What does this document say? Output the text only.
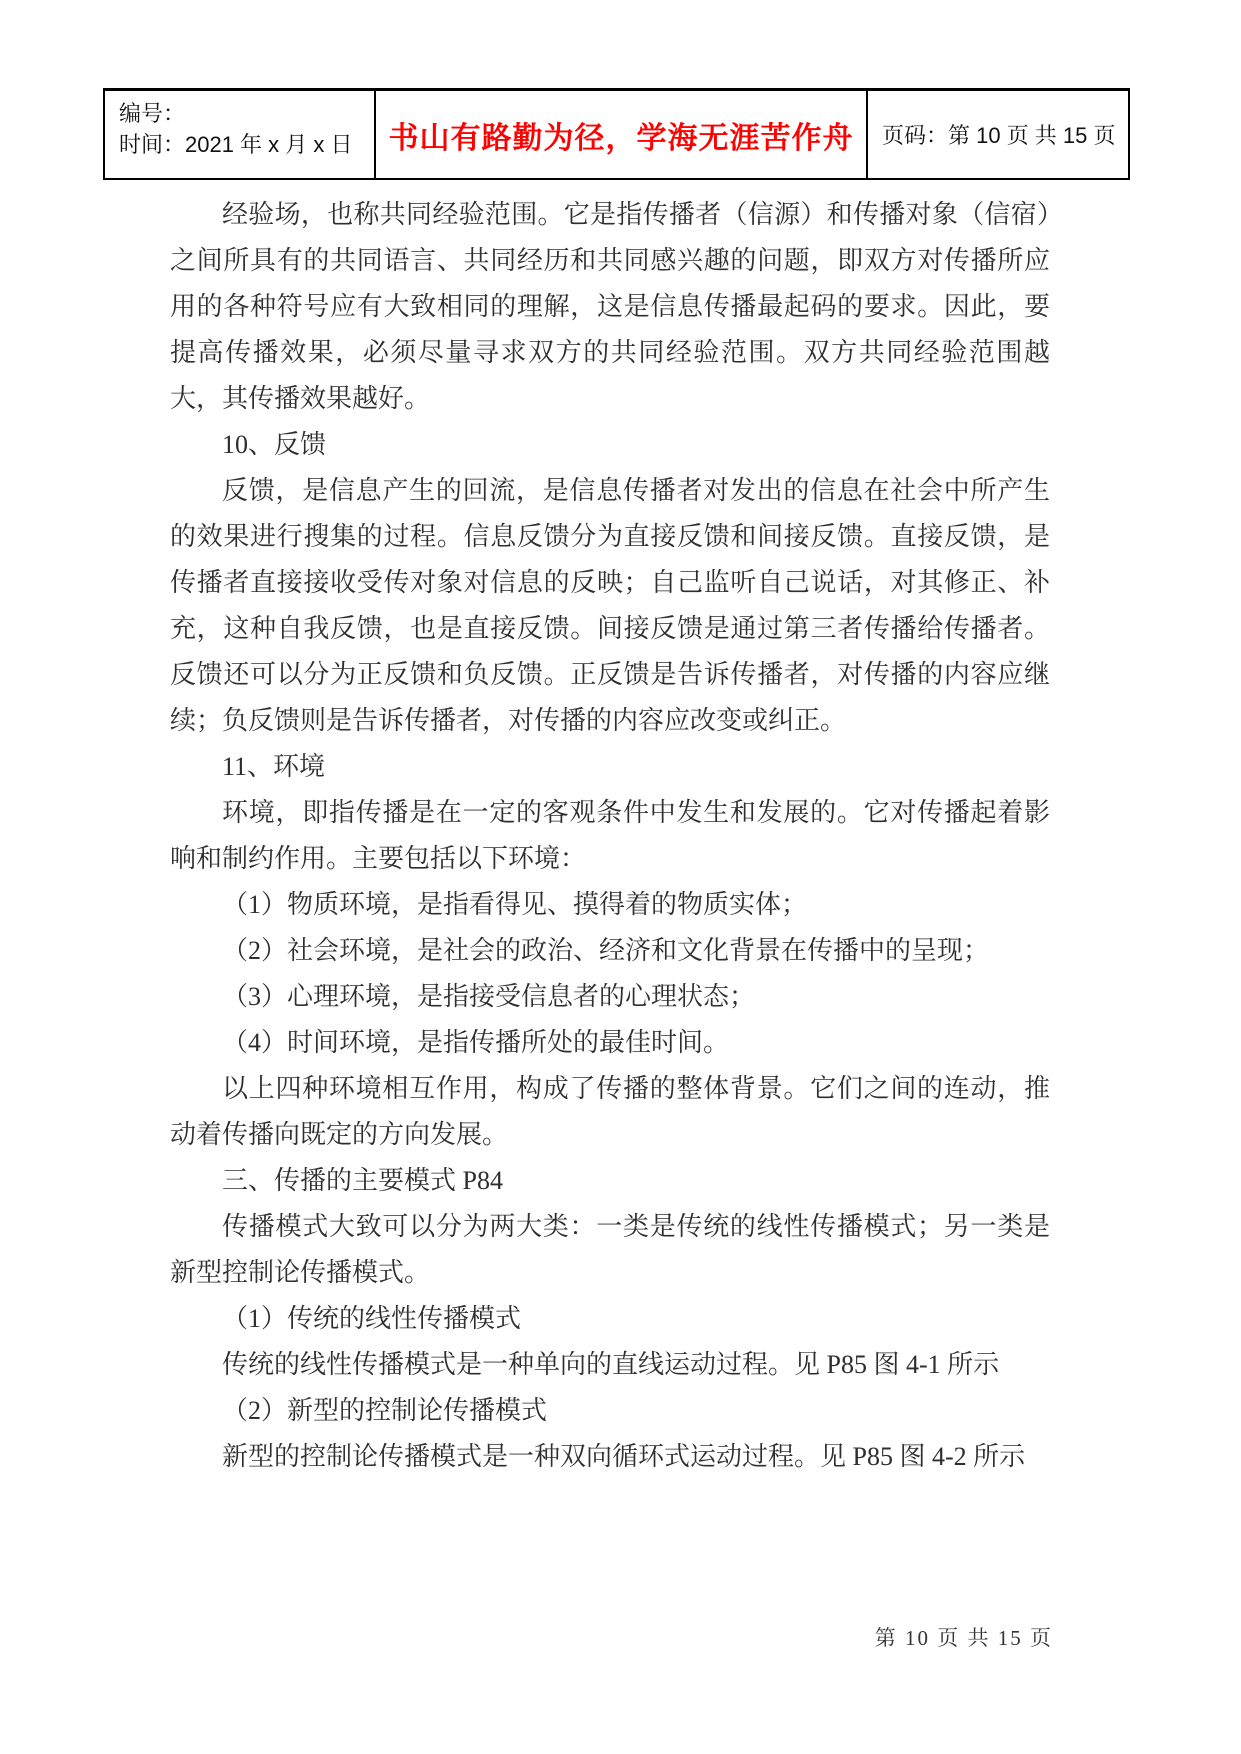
编号：
时间：2021 年 x 月 x 日	书山有路勤为径，学海无涯苦作舟 页码：第 10 页 共 15 页

经验场，也称共同经验范围。它是指传播者（信源）和传播对象（信宿）之间所具有的共同语言、共同经历和共同感兴趣的问题，即双方对传播所应用的各种符号应有大致相同的理解，这是信息传播最起码的要求。因此，要提高传播效果，必须尽量寻求双方的共同经验范围。双方共同经验范围越大，其传播效果越好。

10、反馈

反馈，是信息产生的回流，是信息传播者对发出的信息在社会中所产生的效果进行搜集的过程。信息反馈分为直接反馈和间接反馈。直接反馈，是传播者直接接收受传对象对信息的反映；自己监听自己说话，对其修正、补充，这种自我反馈，也是直接反馈。间接反馈是通过第三者传播给传播者。反馈还可以分为正反馈和负反馈。正反馈是告诉传播者，对传播的内容应继续；负反馈则是告诉传播者，对传播的内容应改变或纠正。

11、环境

环境，即指传播是在一定的客观条件中发生和发展的。它对传播起着影响和制约作用。主要包括以下环境：

（1）物质环境，是指看得见、摸得着的物质实体；

（2）社会环境，是社会的政治、经济和文化背景在传播中的呈现；

（3）心理环境，是指接受信息者的心理状态；

（4）时间环境，是指传播所处的最佳时间。

以上四种环境相互作用，构成了传播的整体背景。它们之间的连动，推动着传播向既定的方向发展。

三、传播的主要模式 P84

传播模式大致可以分为两大类：一类是传统的线性传播模式；另一类是新型控制论传播模式。

（1）传统的线性传播模式

传统的线性传播模式是一种单向的直线运动过程。见 P85 图 4-1 所示

（2）新型的控制论传播模式

新型的控制论传播模式是一种双向循环式运动过程。见 P85 图 4-2 所示

第 10 页 共 15 页
